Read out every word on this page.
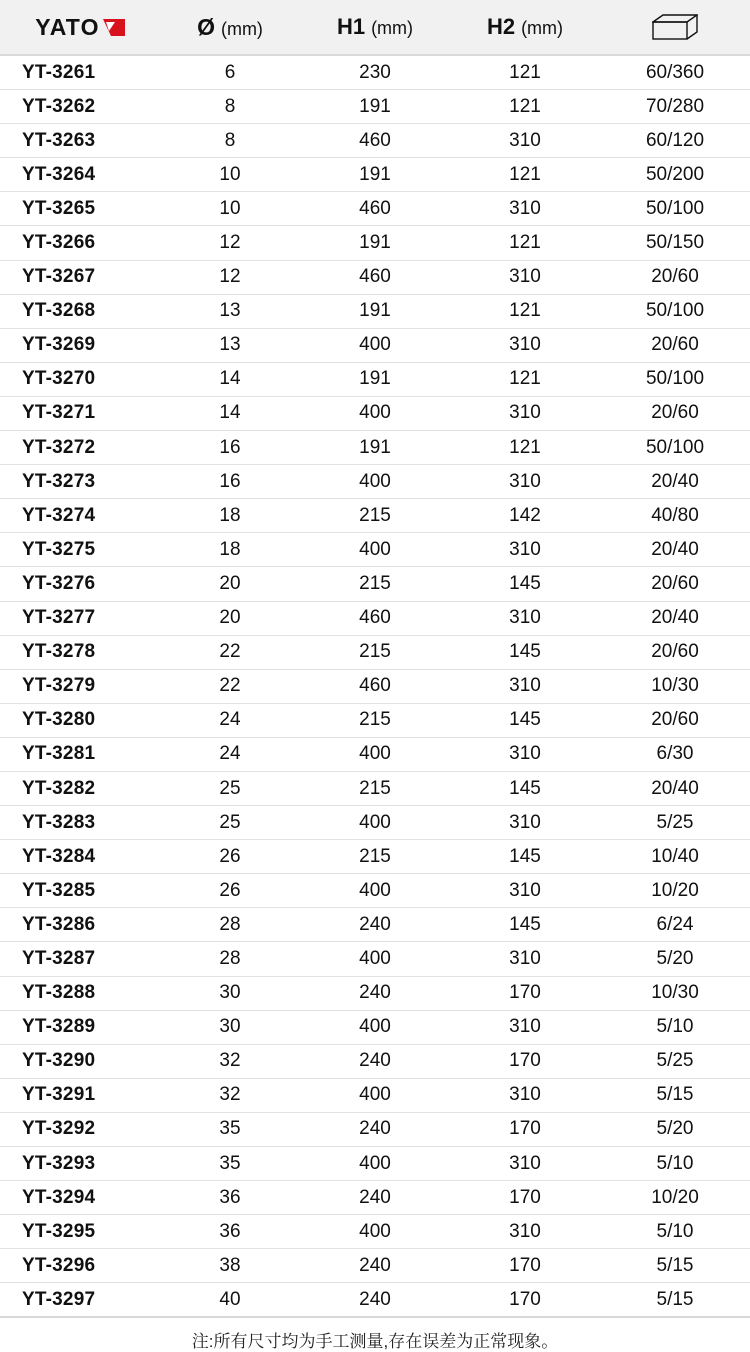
YATO	Ø (mm)	H1 (mm)	H2 (mm)

YT-3261	6	230	121	60/360
YT-3262	8	191	121	70/280
YT-3263	8	460	310	60/120
YT-3264	10	191	121	50/200
YT-3265	10	460	310	50/100
YT-3266	12	191	121	50/150
YT-3267	12	460	310	20/60
YT-3268	13	191	121	50/100
YT-3269	13	400	310	20/60
YT-3270	14	191	121	50/100
YT-3271	14	400	310	20/60
YT-3272	16	191	121	50/100
YT-3273	16	400	310	20/40
YT-3274	18	215	142	40/80
YT-3275	18	400	310	20/40
YT-3276	20	215	145	20/60
YT-3277	20	460	310	20/40
YT-3278	22	215	145	20/60
YT-3279	22	460	310	10/30
YT-3280	24	215	145	20/60
YT-3281	24	400	310	6/30
YT-3282	25	215	145	20/40
YT-3283	25	400	310	5/25
YT-3284	26	215	145	10/40
YT-3285	26	400	310	10/20
YT-3286	28	240	145	6/24
YT-3287	28	400	310	5/20
YT-3288	30	240	170	10/30
YT-3289	30	400	310	5/10
YT-3290	32	240	170	5/25
YT-3291	32	400	310	5/15
YT-3292	35	240	170	5/20
YT-3293	35	400	310	5/10
YT-3294	36	240	170	10/20
YT-3295	36	400	310	5/10
YT-3296	38	240	170	5/15
YT-3297	40	240	170	5/15
注:所有尺寸均为手工测量,存在误差为正常现象。
